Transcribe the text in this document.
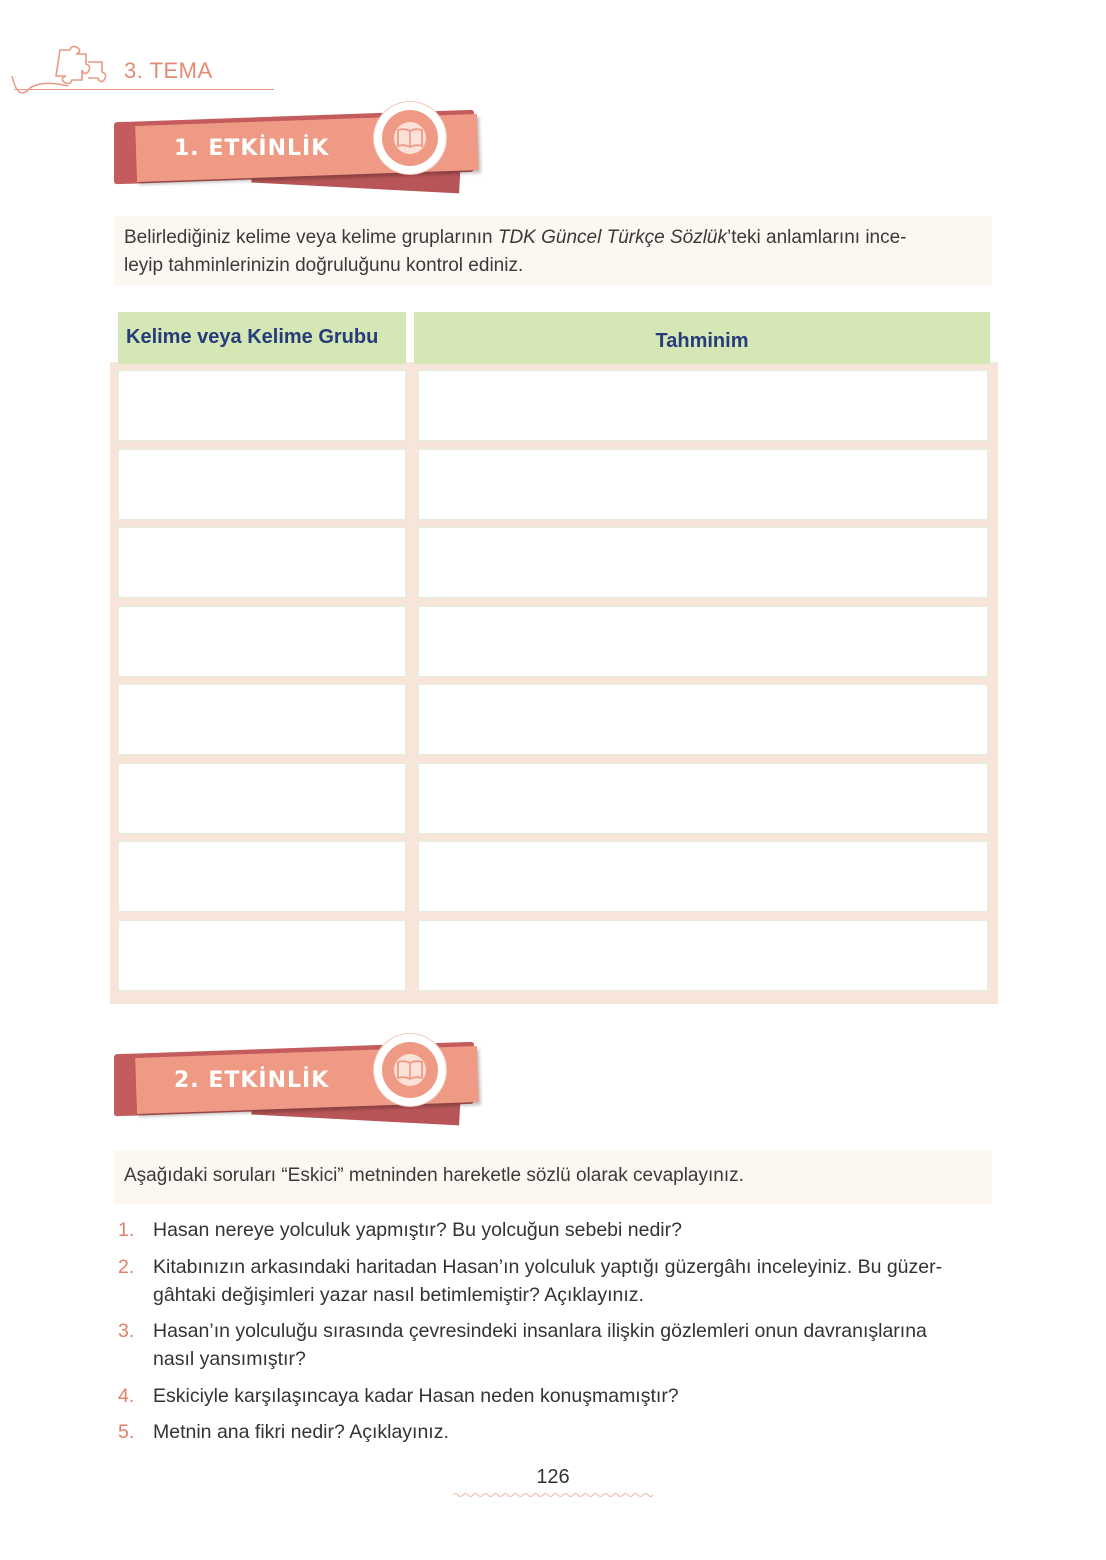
3. TEMA
1. ETKİNLİK
Belirlediğiniz kelime veya kelime gruplarının TDK Güncel Türkçe Sözlük’teki anlamlarını ince-
leyip tahminlerinizin doğruluğunu kontrol ediniz.
Kelime veya Kelime Grubu	Tahminim
2. ETKİNLİK
Aşağıdaki soruları “Eskici” metninden hareketle sözlü olarak cevaplayınız.
1. Hasan nereye yolculuk yapmıştır? Bu yolcuğun sebebi nedir?
2. Kitabınızın arkasındaki haritadan Hasan’ın yolculuk yaptığı güzergâhı inceleyiniz. Bu güzer-
gâhtaki değişimleri yazar nasıl betimlemiştir? Açıklayınız.
3. Hasan’ın yolculuğu sırasında çevresindeki insanlara ilişkin gözlemleri onun davranışlarına
nasıl yansımıştır?
4. Eskiciyle karşılaşıncaya kadar Hasan neden konuşmamıştır?
5. Metnin ana fikri nedir? Açıklayınız.
126
